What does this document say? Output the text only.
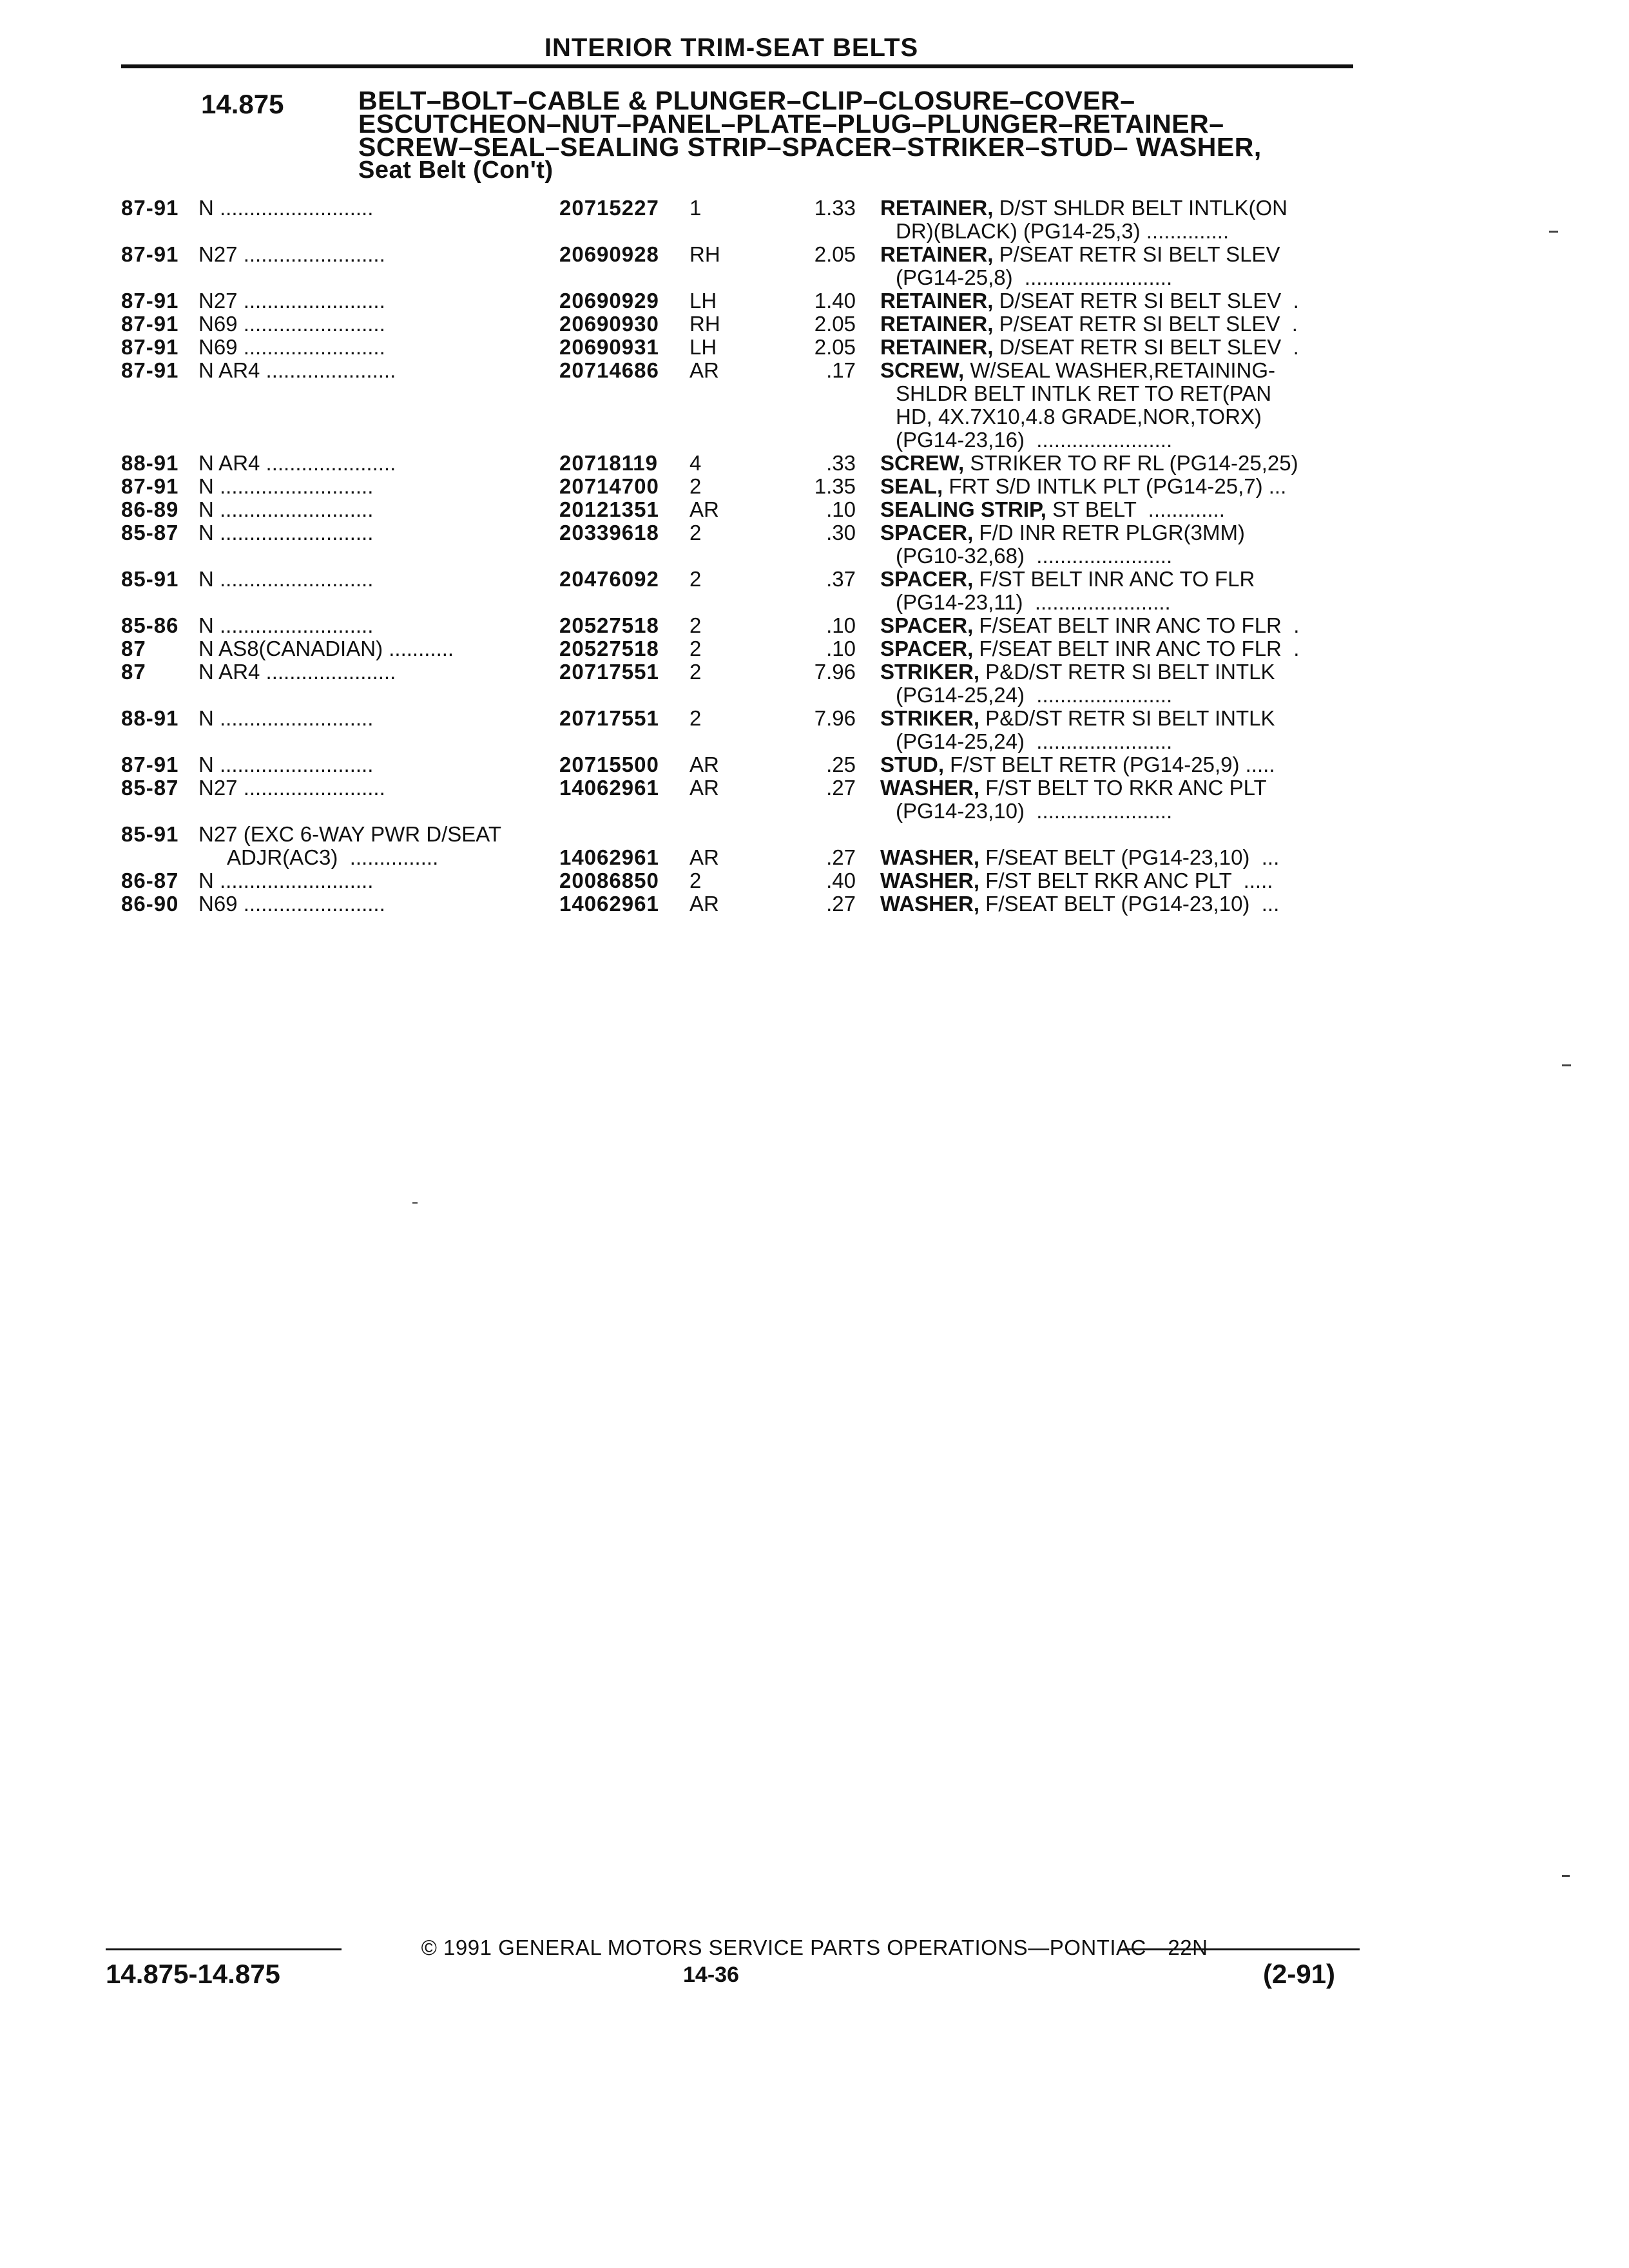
INTERIOR TRIM-SEAT BELTS
14.875	BELT–BOLT–CABLE & PLUNGER–CLIP–CLOSURE–COVER–
ESCUTCHEON–NUT–PANEL–PLATE–PLUG–PLUNGER–RETAINER–
SCREW–SEAL–SEALING STRIP–SPACER–STRIKER–STUD– WASHER,
Seat Belt (Con't)
87-91 N ..........................	20715227 1	1.33 RETAINER, D/ST SHLDR BELT INTLK(ON
DR)(BLACK) (PG14-25,3) ..............
87-91 N27 ........................	20690928 RH	2.05 RETAINER, P/SEAT RETR SI BELT SLEV
(PG14-25,8)  .........................
87-91 N27 ........................	20690929 LH	1.40 RETAINER, D/SEAT RETR SI BELT SLEV  .
87-91 N69 ........................	20690930 RH	2.05 RETAINER, P/SEAT RETR SI BELT SLEV  .
87-91 N69 ........................	20690931 LH	2.05 RETAINER, D/SEAT RETR SI BELT SLEV  .
87-91 N AR4 ......................	20714686 AR	.17 SCREW, W/SEAL WASHER,RETAINING-
SHLDR BELT INTLK RET TO RET(PAN
HD, 4X.7X10,4.8 GRADE,NOR,TORX)
(PG14-23,16)  .......................
88-91 N AR4 ......................	20718119 4	.33 SCREW, STRIKER TO RF RL (PG14-25,25)
87-91 N ..........................	20714700 2	1.35 SEAL, FRT S/D INTLK PLT (PG14-25,7) ...
86-89 N ..........................	20121351 AR	.10 SEALING STRIP, ST BELT  .............
85-87 N ..........................	20339618 2	.30 SPACER, F/D INR RETR PLGR(3MM)
(PG10-32,68)  .......................
85-91 N ..........................	20476092 2	.37 SPACER, F/ST BELT INR ANC TO FLR
(PG14-23,11)  .......................
85-86 N ..........................	20527518 2	.10 SPACER, F/SEAT BELT INR ANC TO FLR  .
87 N AS8(CANADIAN) ...........	20527518 2	.10 SPACER, F/SEAT BELT INR ANC TO FLR  .
87 N AR4 ......................	20717551 2	7.96 STRIKER, P&D/ST RETR SI BELT INTLK
(PG14-25,24)  .......................
88-91 N ..........................	20717551 2	7.96 STRIKER, P&D/ST RETR SI BELT INTLK
(PG14-25,24)  .......................
87-91 N ..........................	20715500 AR	.25 STUD, F/ST BELT RETR (PG14-25,9) .....
85-87 N27 ........................	14062961 AR	.27 WASHER, F/ST BELT TO RKR ANC PLT
(PG14-23,10)  .......................
85-91 N27 (EXC 6-WAY PWR D/SEAT
ADJR(AC3)  ...............	14062961 AR	.27 WASHER, F/SEAT BELT (PG14-23,10)  ...
86-87 N ..........................	20086850 2	.40 WASHER, F/ST BELT RKR ANC PLT  .....
86-90 N69 ........................	14062961 AR	.27 WASHER, F/SEAT BELT (PG14-23,10)  ...
© 1991 GENERAL MOTORS SERVICE PARTS OPERATIONS—PONTIAC—22N
14.875-14.875	14-36	(2-91)
